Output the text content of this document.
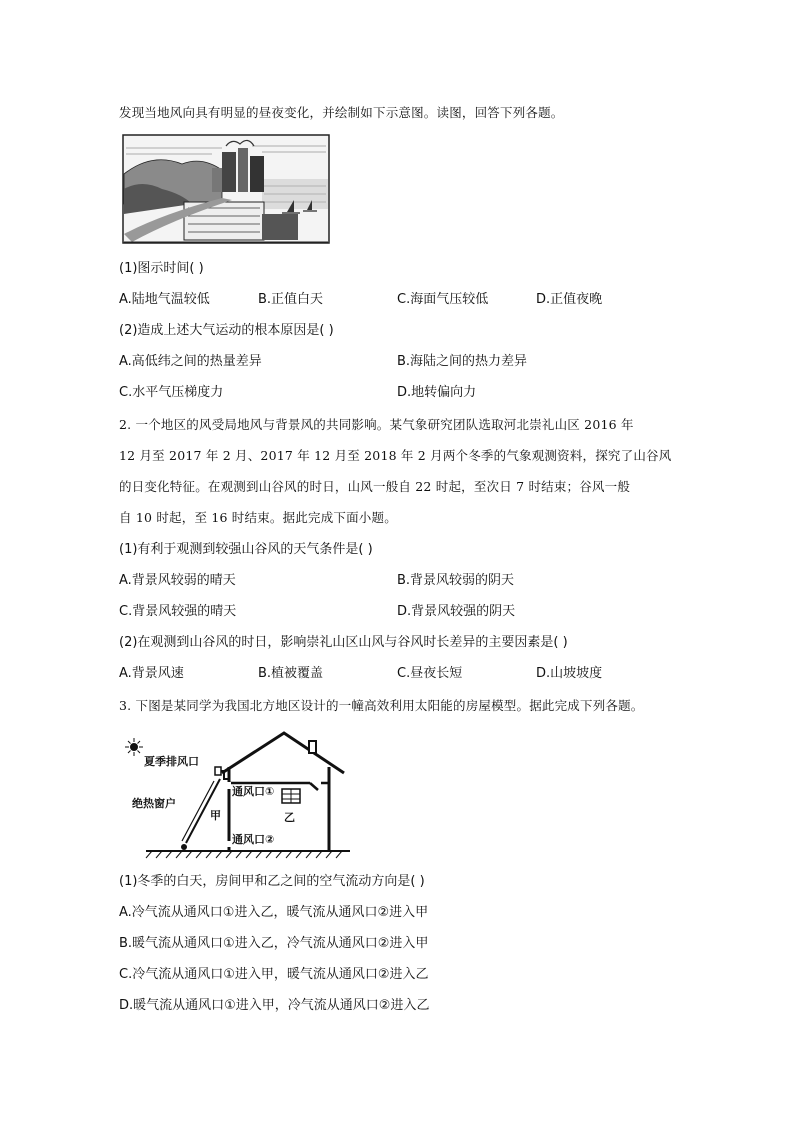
发现当地风向具有明显的昼夜变化，并绘制如下示意图。读图，回答下列各题。
(1)图示时间( )
A.陆地气温较低	B.正值白天	C.海面气压较低	D.正值夜晚
(2)造成上述大气运动的根本原因是( )
A.高低纬之间的热量差异	B.海陆之间的热力差异
C.水平气压梯度力	D.地转偏向力
2. 一个地区的风受局地风与背景风的共同影响。某气象研究团队选取河北崇礼山区 2016 年
12 月至 2017 年 2 月、2017 年 12 月至 2018 年 2 月两个冬季的气象观测资料，探究了山谷风
的日变化特征。在观测到山谷风的时日，山风一般自 22 时起，至次日 7 时结束；谷风一般
自 10 时起，至 16 时结束。据此完成下面小题。
(1)有利于观测到较强山谷风的天气条件是( )
A.背景风较弱的晴天	B.背景风较弱的阴天
C.背景风较强的晴天	D.背景风较强的阴天
(2)在观测到山谷风的时日，影响崇礼山区山风与谷风时长差异的主要因素是( )
A.背景风速	B.植被覆盖	C.昼夜长短	D.山坡坡度
3. 下图是某同学为我国北方地区设计的一幢高效利用太阳能的房屋模型。据此完成下列各题。
夏季排风口
绝热窗户
甲
通风口①
乙
通风口②
(1)冬季的白天，房间甲和乙之间的空气流动方向是( )
A.冷气流从通风口①进入乙，暖气流从通风口②进入甲
B.暖气流从通风口①进入乙，冷气流从通风口②进入甲
C.冷气流从通风口①进入甲，暖气流从通风口②进入乙
D.暖气流从通风口①进入甲，冷气流从通风口②进入乙
